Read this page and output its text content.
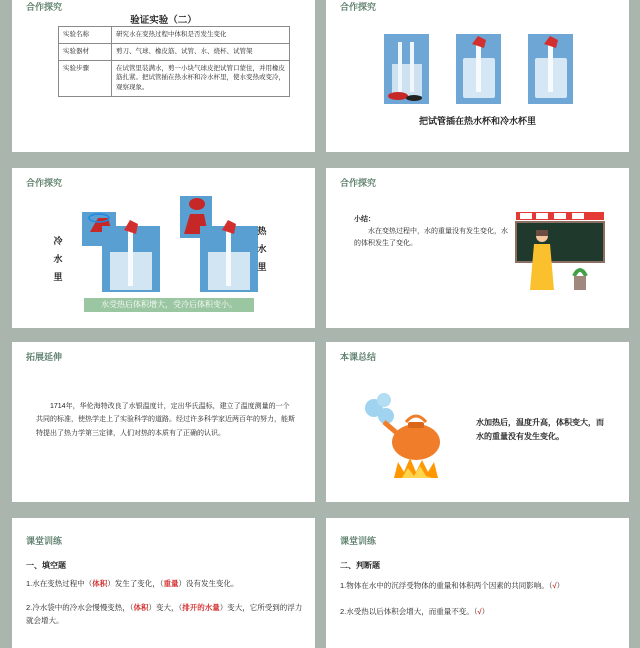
合作探究
验证实验（二）
实验名称	研究水在变热过程中体积是否发生变化
实验器材	剪刀、气球、橡皮筋、试管、水、烧杯、试管架
实验步骤	在试管里装满水，剪一小块气球皮把试管口蒙住，并用橡皮筋扎紧。把试管插在热水杯和冷水杯里，使水变热或变冷，观察现象。
合作探究
把试管插在热水杯和冷水杯里
合作探究
冷
水
里
热
水
里
水受热后体积增大，受冷后体积变小。
合作探究
小结：
水在变热过程中，水的重量没有发生变化，水的体积发生了变化。
拓展延伸
1714年，华伦海特改良了水银温度计，定出华氏温标，建立了温度测量的一个共同的标准，使热学走上了实验科学的道路。经过许多科学家近两百年的努力，能斯特提出了热力学第三定律，人们对热的本质有了正确的认识。
本课总结
水加热后，温度升高，体积变大，而水的重量没有发生变化。
课堂训练
一、填空题
1.水在变热过程中（体积）发生了变化，（重量）没有发生变化。
2.冷水袋中的冷水会慢慢变热，（体积）变大，（排开的水量）变大，它所受到的浮力就会增大。
课堂训练
二、判断题
1.物体在水中的沉浮受物体的重量和体积两个因素的共同影响。（√）
2.水受热以后体积会增大，而重量不变。（√）
